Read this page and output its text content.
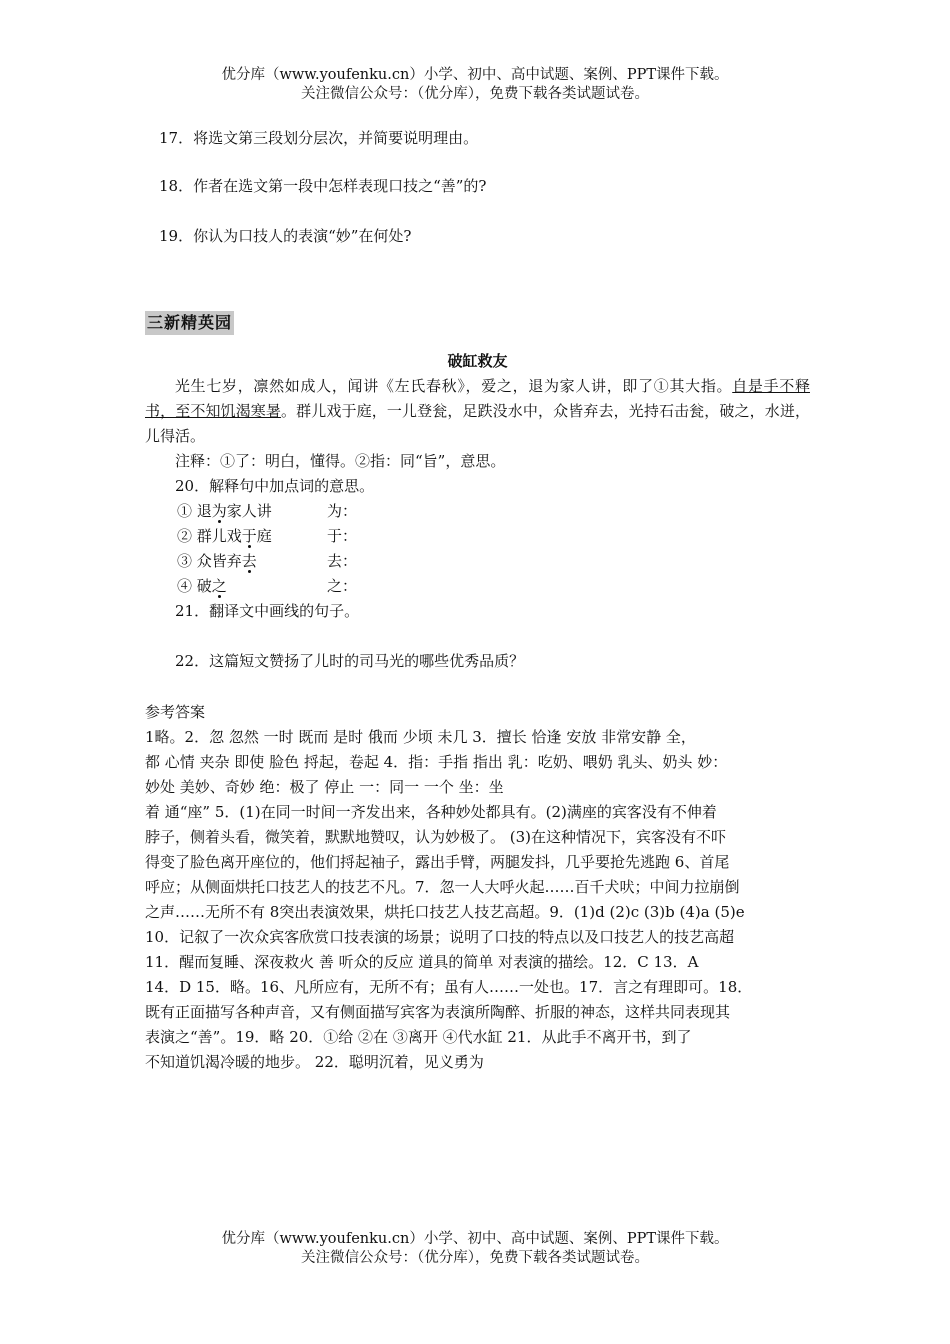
优分库（www.youfenku.cn）小学、初中、高中试题、案例、PPT课件下载。
关注微信公众号：（优分库），免费下载各类试题试卷。
17．将选文第三段划分层次，并简要说明理由。
18．作者在选文第一段中怎样表现口技之“善”的?
19．你认为口技人的表演“妙”在何处?
三新精英园
破缸救友
光生七岁，凛然如成人，闻讲《左氏春秋》，爱之，退为家人讲，即了①其大指。自是手不释书，至不知饥渴寒暑。群儿戏于庭，一儿登瓮，足跌没水中，众皆弃去，光持石击瓮，破之，水迸，儿得活。
注释：①了：明白，懂得。②指：同“旨”，意思。
20．解释句中加点词的意思。
① 退为家人讲	为：
② 群儿戏于庭	于：
③ 众皆弃去	去：
④ 破之	之：
21．翻译文中画线的句子。
22．这篇短文赞扬了儿时的司马光的哪些优秀品质？
参考答案
1略。2．忽 忽然 一时 既而 是时 俄而 少顷 未几 3．擅长 恰逢 安放 非常安静 全，
都 心情 夹杂 即使 脸色 捋起，卷起 4．指：手指 指出 乳：吃奶、喂奶 乳头、奶头 妙：
妙处 美妙、奇妙 绝：极了 停止 一：同一 一个 坐：坐
着 通“座” 5．(1)在同一时间一齐发出来，各种妙处都具有。(2)满座的宾客没有不伸着
脖子，侧着头看，微笑着，默默地赞叹，认为妙极了。 (3)在这种情况下，宾客没有不吓
得变了脸色离开座位的，他们捋起袖子，露出手臂，两腿发抖，几乎要抢先逃跑 6、首尾
呼应；从侧面烘托口技艺人的技艺不凡。7．忽一人大呼火起……百千犬吠；中间力拉崩倒
之声……无所不有 8突出表演效果，烘托口技艺人技艺高超。9．(1)d (2)c (3)b (4)a (5)e
10．记叙了一次众宾客欣赏口技表演的场景；说明了口技的特点以及口技艺人的技艺高超
11．醒而复睡、深夜救火 善 听众的反应 道具的简单 对表演的描绘。12．C 13．A
14．D 15．略。16、凡所应有，无所不有；虽有人……一处也。17．言之有理即可。18．
既有正面描写各种声音，又有侧面描写宾客为表演所陶醉、折服的神态，这样共同表现其
表演之“善”。19．略 20．①给 ②在 ③离开 ④代水缸 21．从此手不离开书，到了
不知道饥渴冷暖的地步。 22．聪明沉着，见义勇为
优分库（www.youfenku.cn）小学、初中、高中试题、案例、PPT课件下载。
关注微信公众号：（优分库），免费下载各类试题试卷。
